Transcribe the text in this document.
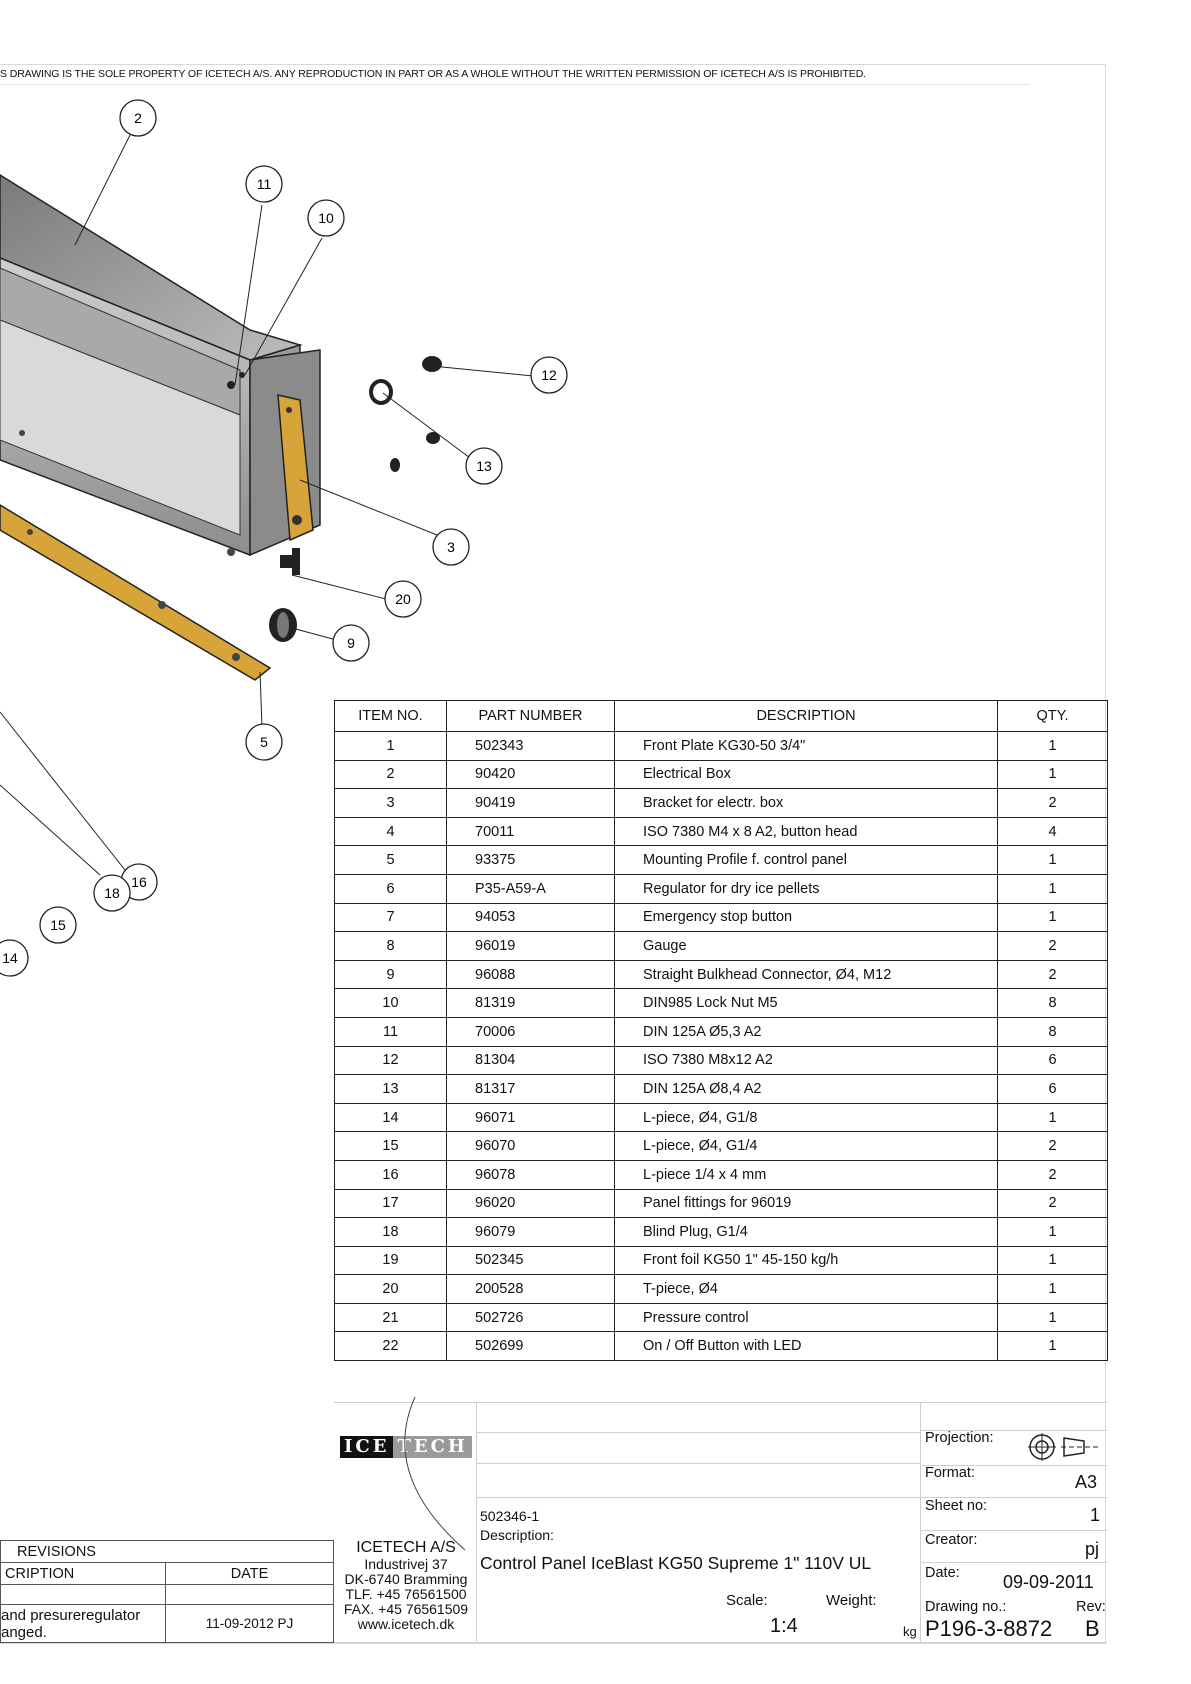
S DRAWING IS THE SOLE PROPERTY OF ICETECH A/S. ANY REPRODUCTION IN PART OR AS A WHOLE WITHOUT THE WRITTEN PERMISSION OF ICETECH A/S IS PROHIBITED.
2
11
10
12
13
3
20
9
5
16
18
15
14
ITEM NO.	PART NUMBER	DESCRIPTION	QTY.
1	502343	Front Plate KG30-50 3/4"	1
2	90420	Electrical Box	1
3	90419	Bracket for electr. box	2
4	70011	ISO 7380 M4 x 8 A2, button head	4
5	93375	Mounting Profile f. control panel	1
6	P35-A59-A	Regulator for dry ice pellets	1
7	94053	Emergency stop button	1
8	96019	Gauge	2
9	96088	Straight Bulkhead Connector, Ø4, M12	2
10	81319	DIN985 Lock Nut M5	8
11	70006	DIN 125A Ø5,3 A2	8
12	81304	ISO 7380 M8x12 A2	6
13	81317	DIN 125A Ø8,4 A2	6
14	96071	L-piece, Ø4, G1/8	1
15	96070	L-piece, Ø4, G1/4	2
16	96078	L-piece 1/4 x 4 mm	2
17	96020	Panel fittings for 96019	2
18	96079	Blind Plug, G1/4	1
19	502345	Front foil KG50 1" 45-150 kg/h	1
20	200528	T-piece, Ø4	1
21	502726	Pressure control	1
22	502699	On / Off Button with LED	1
ICE TECH
ICETECH A/S
Industrivej 37
DK-6740 Bramming
TLF. +45 76561500
FAX. +45 76561509
www.icetech.dk
502346-1
Description:
Control Panel IceBlast KG50 Supreme 1" 110V UL
Scale:
1:4
Weight:
kg
Projection:
Format:	A3
Sheet no:	1
Creator:	pj
Date: 09-09-2011
Drawing no.:	Rev:
P196-3-8872 B
REVISIONS	
CRIPTION	DATE

and presureregulator
anged.	11-09-2012 PJ
